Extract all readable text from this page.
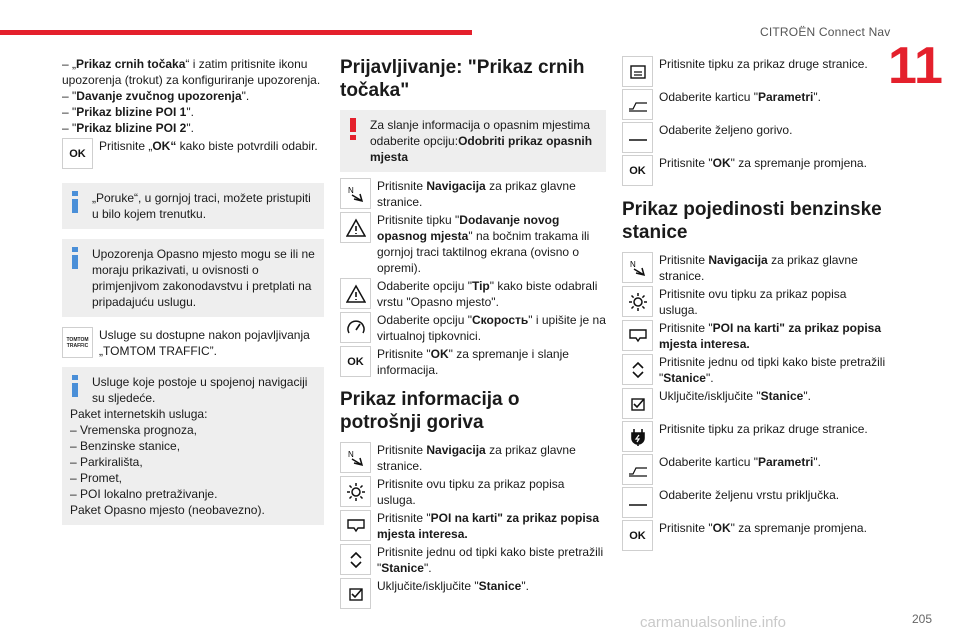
CITROËN Connect Nav
11
205
carmanualsonline.info

– „Prikaz crnih točaka“ i zatim pritisnite ikonu upozorenja (trokut) za konfiguriranje upozorenja.

– "Davanje zvučnog upozorenja".

– "Prikaz blizine POI 1".

– "Prikaz blizine POI 2".

OK
Pritisnite „OK“ kako biste potvrdili odabir.
„Poruke“, u gornjoj traci, možete pristupiti u bilo kojem trenutku.
Upozorenja Opasno mjesto mogu se ili ne moraju prikazivati, u ovisnosti o primjenjivom zakonodavstvu i pretplati na pripadajuću uslugu.
TOMTOM TRAFFIC
Usluge su dostupne nakon pojavljivanja „TOMTOM TRAFFIC”.
Usluge koje postoje u spojenoj navigaciji su sljedeće.

Paket internetskih usluga:

– Vremenska prognoza,

– Benzinske stanice,

– Parkirališta,

– Promet,

– POI lokalno pretraživanje.

Paket Opasno mjesto (neobavezno).

Prijavljivanje: "Prikaz crnih točaka"
Za slanje informacija o opasnim mjestima odaberite opciju:Odobriti prikaz opasnih mjesta
N Pritisnite Navigacija za prikaz glavne stranice.
Pritisnite tipku "Dodavanje novog opasnog mjesta" na bočnim trakama ili gornjoj traci taktilnog ekrana (ovisno o opremi).
Odaberite opciju "Tip" kako biste odabrali vrstu "Opasno mjesto".
Odaberite opciju "Скорость" i upišite je na virtualnoj tipkovnici.
OK
Pritisnite "OK" za spremanje i slanje informacija.
Prikaz informacija o potrošnji goriva
N Pritisnite Navigacija za prikaz glavne stranice.
Pritisnite ovu tipku za prikaz popisa usluga.
Pritisnite "POI na karti" za prikaz popisa mjesta interesa.
Pritisnite jednu od tipki kako biste pretražili "Stanice".
Uključite/isključite "Stanice".
Pritisnite tipku za prikaz druge stranice.
Odaberite karticu "Parametri".
Odaberite željeno gorivo.
OK
Pritisnite "OK" za spremanje promjena.
Prikaz pojedinosti benzinske stanice
N Pritisnite Navigacija za prikaz glavne stranice.
Pritisnite ovu tipku za prikaz popisa usluga.
Pritisnite "POI na karti" za prikaz popisa mjesta interesa.
Pritisnite jednu od tipki kako biste pretražili "Stanice".
Uključite/isključite "Stanice".
Pritisnite tipku za prikaz druge stranice.
Odaberite karticu "Parametri".
Odaberite željenu vrstu priključka.
OK
Pritisnite "OK" za spremanje promjena.
